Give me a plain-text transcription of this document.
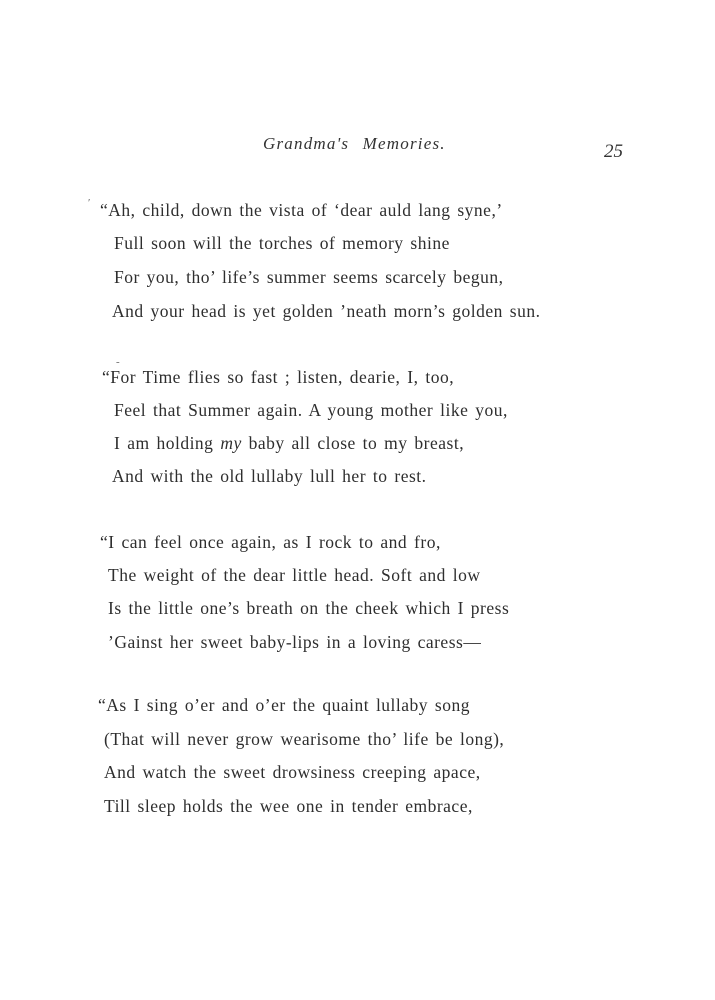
Grandma's Memories.	25
′
-
“Ah, child, down the vista of ‘dear auld lang syne,’
Full soon will the torches of memory shine
For you, tho’ life’s summer seems scarcely begun,
And your head is yet golden ’neath morn’s golden sun.
“For Time flies so fast ; listen, dearie, I, too,
Feel that Summer again. A young mother like you,
I am holding my baby all close to my breast,
And with the old lullaby lull her to rest.
“I can feel once again, as I rock to and fro,
The weight of the dear little head. Soft and low
Is the little one’s breath on the cheek which I press
’Gainst her sweet baby-lips in a loving caress—
“As I sing o’er and o’er the quaint lullaby song
(That will never grow wearisome tho’ life be long),
And watch the sweet drowsiness creeping apace,
Till sleep holds the wee one in tender embrace,
